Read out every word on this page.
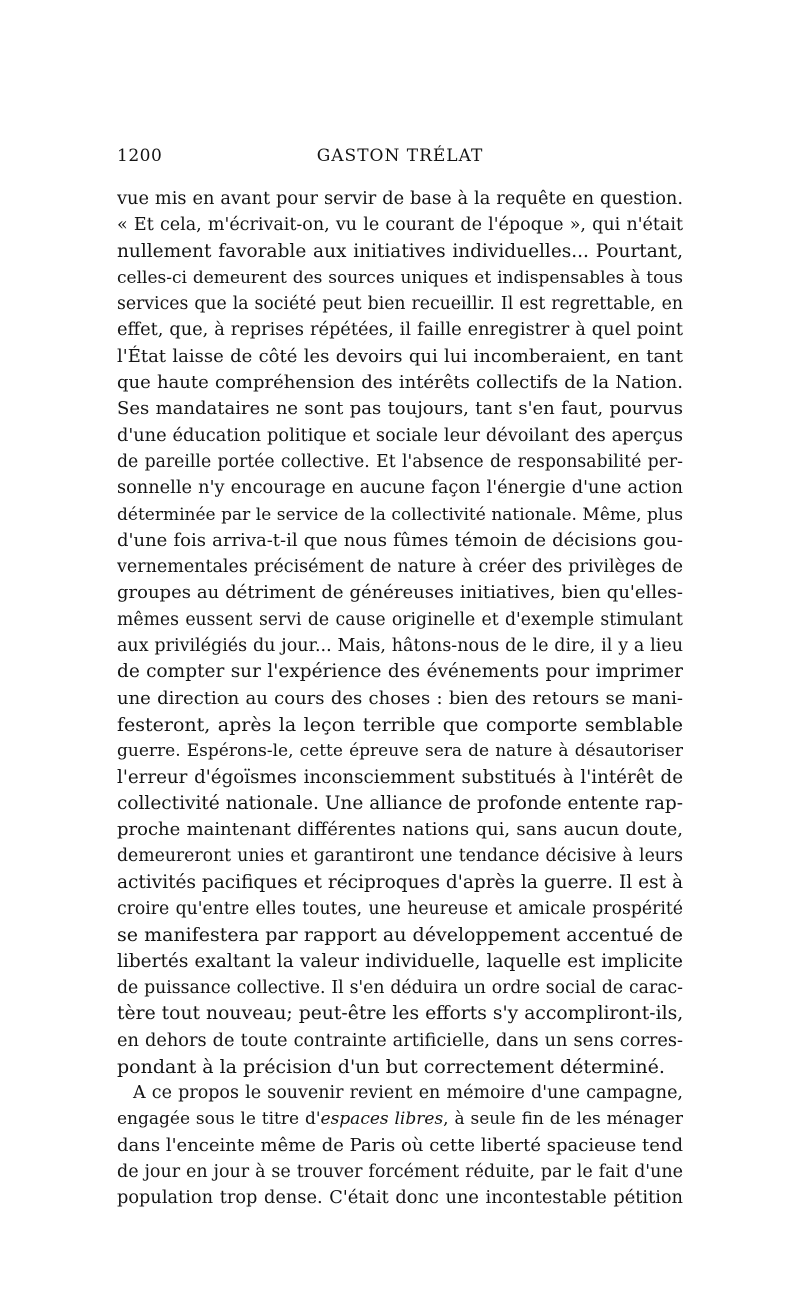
1200	GASTON TRÉLAT
vue mis en avant pour servir de base à la requête en question.
« Et cela, m'écrivait-on, vu le courant de l'époque », qui n'était
nullement favorable aux initiatives individuelles... Pourtant,
celles-ci demeurent des sources uniques et indispensables à tous
services que la société peut bien recueillir. Il est regrettable, en
effet, que, à reprises répétées, il faille enregistrer à quel point
l'État laisse de côté les devoirs qui lui incomberaient, en tant
que haute compréhension des intérêts collectifs de la Nation.
Ses mandataires ne sont pas toujours, tant s'en faut, pourvus
d'une éducation politique et sociale leur dévoilant des aperçus
de pareille portée collective. Et l'absence de responsabilité per-
sonnelle n'y encourage en aucune façon l'énergie d'une action
déterminée par le service de la collectivité nationale. Même, plus
d'une fois arriva-t-il que nous fûmes témoin de décisions gou-
vernementales précisément de nature à créer des privilèges de
groupes au détriment de généreuses initiatives, bien qu'elles-
mêmes eussent servi de cause originelle et d'exemple stimulant
aux privilégiés du jour... Mais, hâtons-nous de le dire, il y a lieu
de compter sur l'expérience des événements pour imprimer
une direction au cours des choses : bien des retours se mani-
festeront, après la leçon terrible que comporte semblable
guerre. Espérons-le, cette épreuve sera de nature à désautoriser
l'erreur d'égoïsmes inconsciemment substitués à l'intérêt de
collectivité nationale. Une alliance de profonde entente rap-
proche maintenant différentes nations qui, sans aucun doute,
demeureront unies et garantiront une tendance décisive à leurs
activités pacifiques et réciproques d'après la guerre. Il est à
croire qu'entre elles toutes, une heureuse et amicale prospérité
se manifestera par rapport au développement accentué de
libertés exaltant la valeur individuelle, laquelle est implicite
de puissance collective. Il s'en déduira un ordre social de carac-
tère tout nouveau; peut-être les efforts s'y accompliront-ils,
en dehors de toute contrainte artificielle, dans un sens corres-
pondant à la précision d'un but correctement déterminé.
A ce propos le souvenir revient en mémoire d'une campagne,
engagée sous le titre d'espaces libres, à seule fin de les ménager
dans l'enceinte même de Paris où cette liberté spacieuse tend
de jour en jour à se trouver forcément réduite, par le fait d'une
population trop dense. C'était donc une incontestable pétition
